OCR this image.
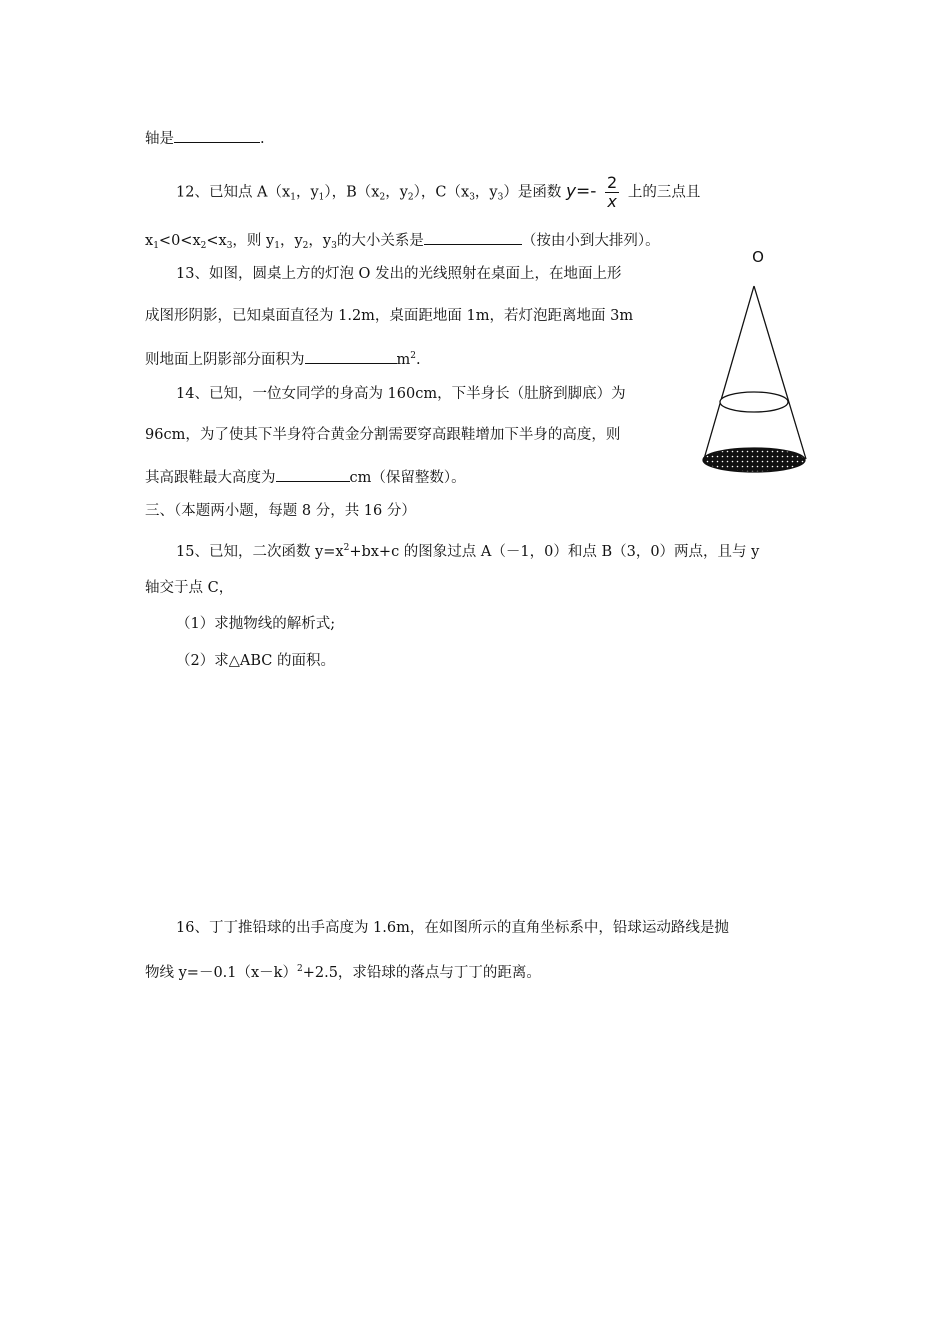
轴是	.
12、已知点 $A(x_1$，$y_1$），$B(x_2$，$y_2$），$C(x_3$，$y_3$）是函数 $y=- \frac{2}{x}$ 上的三点且
$x_1<0<x_2<x_3$，则 $y_1$，$y_2$，$y_3$的大小关系是	（按由小到大排列）。
13、如图，圆桌上方的灯泡 O 发出的光线照射在桌面上，在地面上形
成图形阴影，已知桌面直径为 1.2m，桌面距地面 1m，若灯泡距离地面 3m
则地面上阴影部分面积为	$m^2$.
14、已知，一位女同学的身高为 160cm，下半身长（肚脐到脚底）为
96cm，为了使其下半身符合黄金分割需要穿高跟鞋增加下半身的高度，则
其高跟鞋最大高度为	cm（保留整数）。
三、（本题两小题，每题 8 分，共 16 分）
15、已知，二次函数 $y=x^2+bx+c$ 的图象过点 A（－1，0）和点 B（3，0）两点，且与 y
轴交于点 C，
（1）求抛物线的解析式;
（2）求△ABC 的面积。
16、丁丁推铅球的出手高度为 1.6m，在如图所示的直角坐标系中，铅球运动路线是抛
物线 $y=-0.1(x-k)^2+2.5$，求铅球的落点与丁丁的距离。
O
